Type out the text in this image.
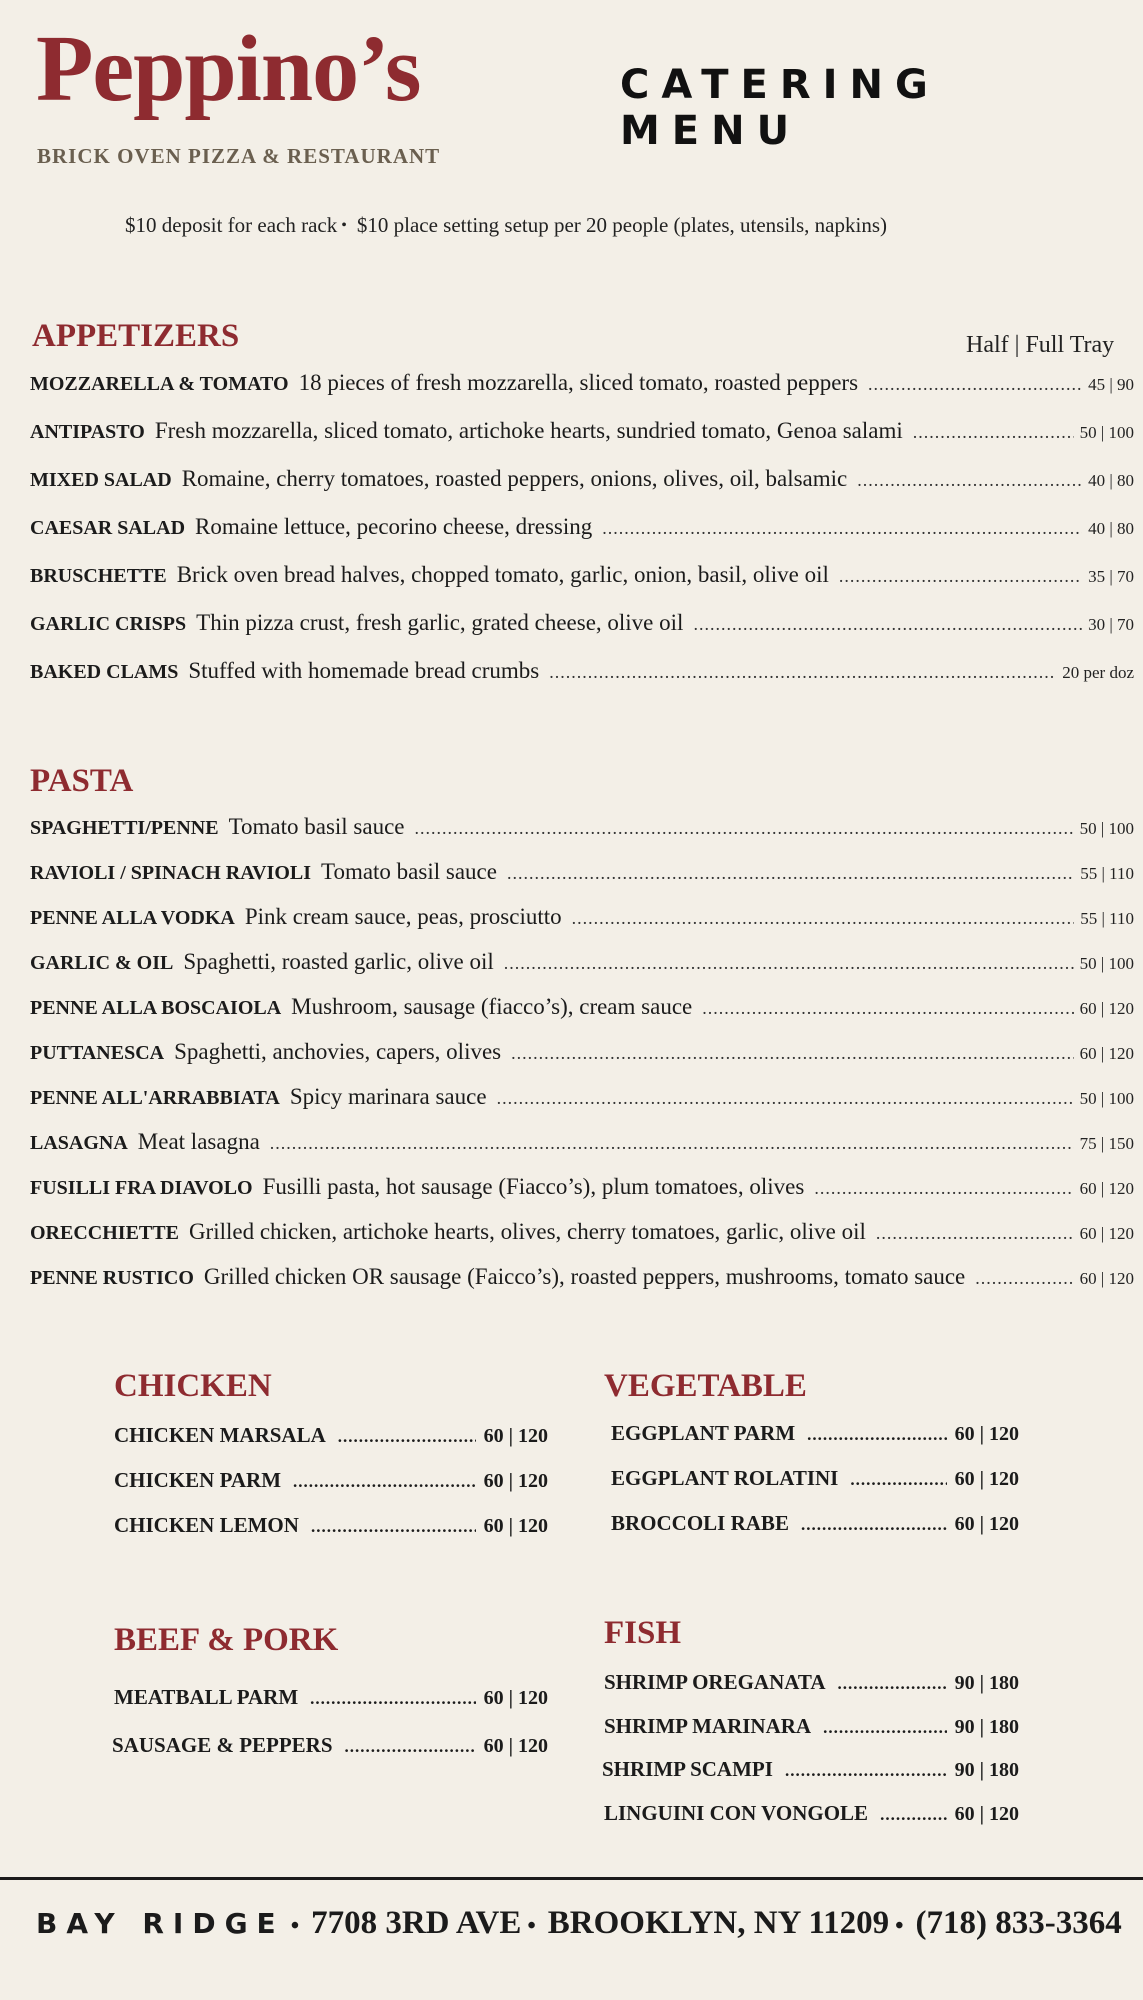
Peppino’s
BRICK OVEN PIZZA & RESTAURANT
CATERING MENU
$10 deposit for each rack • $10 place setting setup per 20 people (plates, utensils, napkins)
APPETIZERS	Half | Full Tray
MOZZARELLA & TOMATO 18 pieces of fresh mozzarella, sliced tomato, roasted peppers .....	45 | 90
ANTIPASTO Fresh mozzarella, sliced tomato, artichoke hearts, sundried tomato, Genoa salami .....	50 | 100
MIXED SALAD Romaine, cherry tomatoes, roasted peppers, onions, olives, oil, balsamic .....	40 | 80
CAESAR SALAD Romaine lettuce, pecorino cheese, dressing .....	40 | 80
BRUSCHETTE Brick oven bread halves, chopped tomato, garlic, onion, basil, olive oil .....	35 | 70
GARLIC CRISPS Thin pizza crust, fresh garlic, grated cheese, olive oil .....	30 | 70
BAKED CLAMS Stuffed with homemade bread crumbs .....	20 per doz
PASTA
SPAGHETTI/PENNE Tomato basil sauce .....	50 | 100
RAVIOLI / SPINACH RAVIOLI Tomato basil sauce .....	55 | 110
PENNE ALLA VODKA Pink cream sauce, peas, prosciutto .....	55 | 110
GARLIC & OIL Spaghetti, roasted garlic, olive oil .....	50 | 100
PENNE ALLA BOSCAIOLA Mushroom, sausage (fiacco’s), cream sauce .....	60 | 120
PUTTANESCA Spaghetti, anchovies, capers, olives .....	60 | 120
PENNE ALL'ARRABBIATA Spicy marinara sauce .....	50 | 100
LASAGNA Meat lasagna .....	75 | 150
FUSILLI FRA DIAVOLO Fusilli pasta, hot sausage (Fiacco’s), plum tomatoes, olives .....	60 | 120
ORECCHIETTE Grilled chicken, artichoke hearts, olives, cherry tomatoes, garlic, olive oil .....	60 | 120
PENNE RUSTICO Grilled chicken OR sausage (Faicco’s), roasted peppers, mushrooms, tomato sauce .....	60 | 120
CHICKEN
CHICKEN MARSALA .....	60 | 120
CHICKEN PARM .....	60 | 120
CHICKEN LEMON .....	60 | 120
VEGETABLE
EGGPLANT PARM .....	60 | 120
EGGPLANT ROLATINI .....	60 | 120
BROCCOLI RABE .....	60 | 120
BEEF & PORK
MEATBALL PARM .....	60 | 120
SAUSAGE & PEPPERS .....	60 | 120
FISH
SHRIMP OREGANATA .....	90 | 180
SHRIMP MARINARA .....	90 | 180
SHRIMP SCAMPI .....	90 | 180
LINGUINI CON VONGOLE .....	60 | 120
BAY RIDGE • 7708 3RD AVE • BROOKLYN, NY 11209 • (718) 833-3364
